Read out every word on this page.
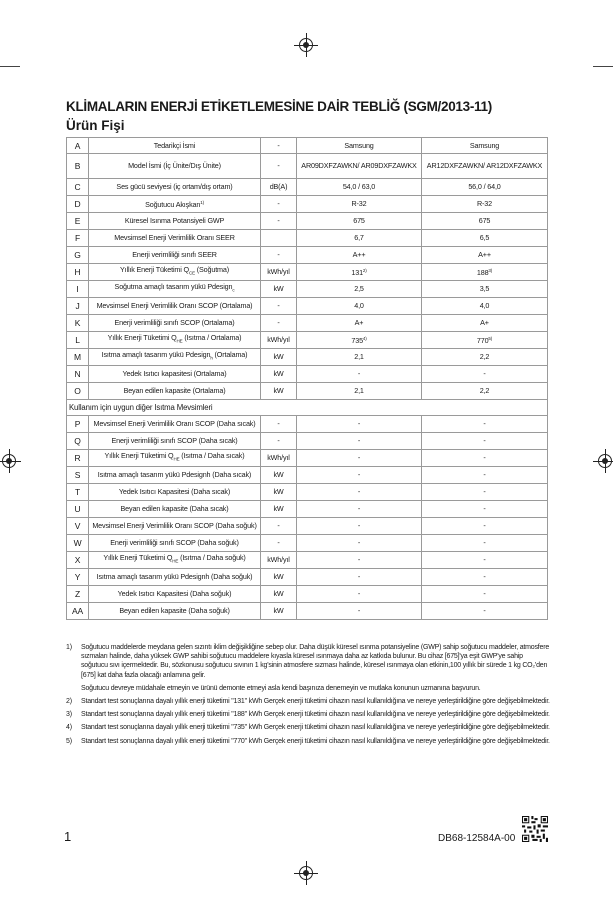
KLİMALARIN ENERJİ ETİKETLEMESİNE DAİR TEBLİĞ (SGM/2013-11)
Ürün Fişi
A	Tedarikçi İsmi	-	Samsung	Samsung
B	Model İsmi (İç Ünite/Dış Ünite)	-	AR09DXFZAWKN/ AR09DXFZAWKX	AR12DXFZAWKN/ AR12DXFZAWKX
C	Ses gücü seviyesi (iç ortam/dış ortam)	dB(A)	54,0 / 63,0	56,0 / 64,0
D	Soğutucu Akışkan$^{1)}$	-	R-32	R-32
E	Küresel Isınma Potansiyeli GWP	-	675	675
F	Mevsimsel Enerji Verimlilik Oranı SEER		6,7	6,5
G	Enerji verimliliği sınıfı SEER	-	A++	A++
H	Yıllık Enerji Tüketimi $Q_{CE}$ (Soğutma)	kWh/yıl	131$^{2)}$	188$^{3)}$
I	Soğutma amaçlı tasarım yükü Pdesign$_c$	kW	2,5	3,5
J	Mevsimsel Enerji Verimlilik Oranı SCOP (Ortalama)	-	4,0	4,0
K	Enerji verimliliği sınıfı SCOP (Ortalama)	-	A+	A+
L	Yıllık Enerji Tüketimi $Q_{HE}$ (Isıtma / Ortalama)	kWh/yıl	735$^{4)}$	770$^{5)}$
M	Isıtma amaçlı tasarım yükü Pdesign$_h$ (Ortalama)	kW	2,1	2,2
N	Yedek Isıtıcı kapasitesi (Ortalama)	kW	-	-
O	Beyan edilen kapasite (Ortalama)	kW	2,1	2,2
Kullanım için uygun diğer Isıtma Mevsimleri				
P	Mevsimsel Enerji Verimlilik Oranı SCOP (Daha sıcak)	-	-	-
Q	Enerji verimliliği sınıfı SCOP (Daha sıcak)	-	-	-
R	Yıllık Enerji Tüketimi $Q_{HE}$ (Isıtma / Daha sıcak)	kWh/yıl	-	-
S	Isıtma amaçlı tasarım yükü Pdesignh (Daha sıcak)	kW	-	-
T	Yedek Isıtıcı Kapasitesi (Daha sıcak)	kW	-	-
U	Beyan edilen kapasite (Daha sıcak)	kW	-	-
V	Mevsimsel Enerji Verimlilik Oranı SCOP (Daha soğuk)	-	-	-
W	Enerji verimliliği sınıfı SCOP (Daha soğuk)	-	-	-
X	Yıllık Enerji Tüketimi $Q_{HE}$ (Isıtma / Daha soğuk)	kWh/yıl	-	-
Y	Isıtma amaçlı tasarım yükü Pdesignh (Daha soğuk)	kW	-	-
Z	Yedek Isıtıcı Kapasitesi (Daha soğuk)	kW	-	-
AA	Beyan edilen kapasite (Daha soğuk)	kW	-	-
1) Soğutucu maddelerde meydana gelen sızıntı iklim değişikliğine sebep olur. Daha düşük küresel ısınma potansiyeline (GWP) sahip soğutucu maddeler, atmosfere sızmaları halinde, daha yüksek GWP sahibi soğutucu maddelere kıyasla küresel ısınmaya daha az katkıda bulunur. Bu cihaz [675]'ya eşit GWP'ye sahip soğutucu sıvı içermektedir. Bu, sözkonusu soğutucu sıvının 1 kg'sinin atmosfere sızması halinde, küresel ısınmaya olan etkinin,100 yıllık bir sürede 1 kg CO₂'den [675] kat daha fazla olacağı anlamına gelir.
Soğutucu devreye müdahale etmeyin ve ürünü demonte etmeyi asla kendi başınıza denemeyin ve mutlaka konunun uzmanına başvurun.
2) Standart test sonuçlarına dayalı yıllık enerji tüketimi "131" kWh Gerçek enerji tüketimi cihazın nasıl kullanıldığına ve nereye yerleştirildiğine göre değişebilmektedir.
3) Standart test sonuçlarına dayalı yıllık enerji tüketimi "188" kWh Gerçek enerji tüketimi cihazın nasıl kullanıldığına ve nereye yerleştirildiğine göre değişebilmektedir.
4) Standart test sonuçlarına dayalı yıllık enerji tüketimi "735" kWh Gerçek enerji tüketimi cihazın nasıl kullanıldığına ve nereye yerleştirildiğine göre değişebilmektedir.
5) Standart test sonuçlarına dayalı yıllık enerji tüketimi "770" kWh Gerçek enerji tüketimi cihazın nasıl kullanıldığına ve nereye yerleştirildiğine göre değişebilmektedir.
1	DB68-12584A-00
